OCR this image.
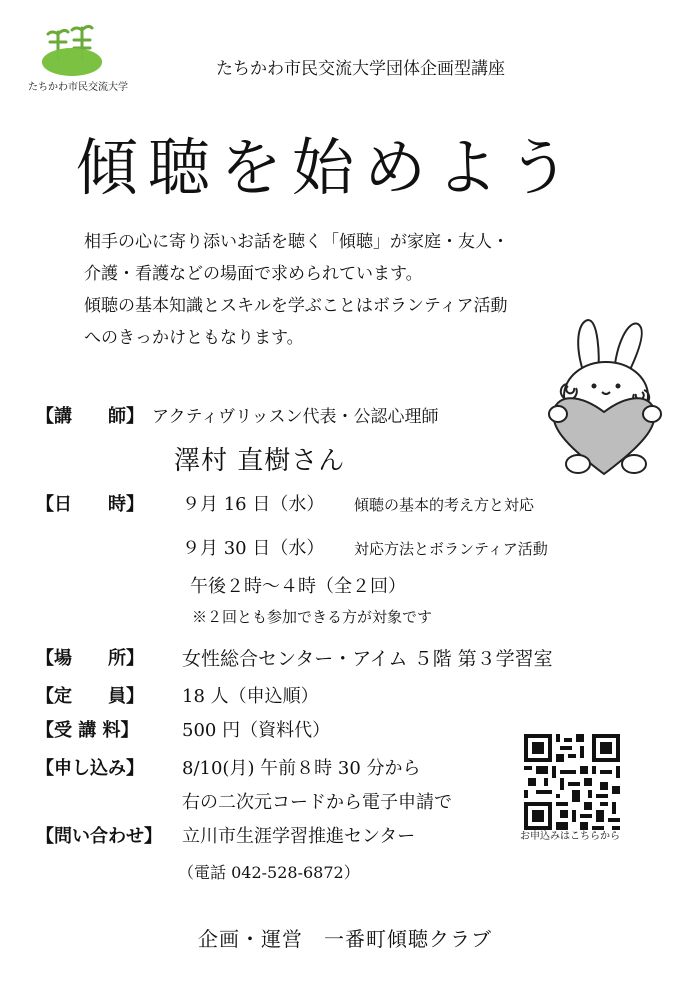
たちかわ市民交流大学
たちかわ市民交流大学団体企画型講座
傾聴を始めよう
相手の心に寄り添いお話を聴く「傾聴」が家庭・友人・
介護・看護などの場面で求められています。
傾聴の基本知識とスキルを学ぶことはボランティア活動
へのきっかけともなります。
【講　　師】 アクティヴリッスン代表・公認心理師
澤村 直樹さん
【日　　時】 ９月 16 日（水） 傾聴の基本的考え方と対応
９月 30 日（水） 対応方法とボランティア活動
午後２時～４時（全２回）
※２回とも参加できる方が対象です
【場　　所】 女性総合センター・アイム ５階 第３学習室
【定　　員】 18 人（申込順）
【受 講 料】 500 円（資料代）
【申し込み】 8/10(月) 午前８時 30 分から
右の二次元コードから電子申請で
【問い合わせ】 立川市生涯学習推進センター
（電話 042-528-6872）
お申込みはこちらから
企画・運営　一番町傾聴クラブ
